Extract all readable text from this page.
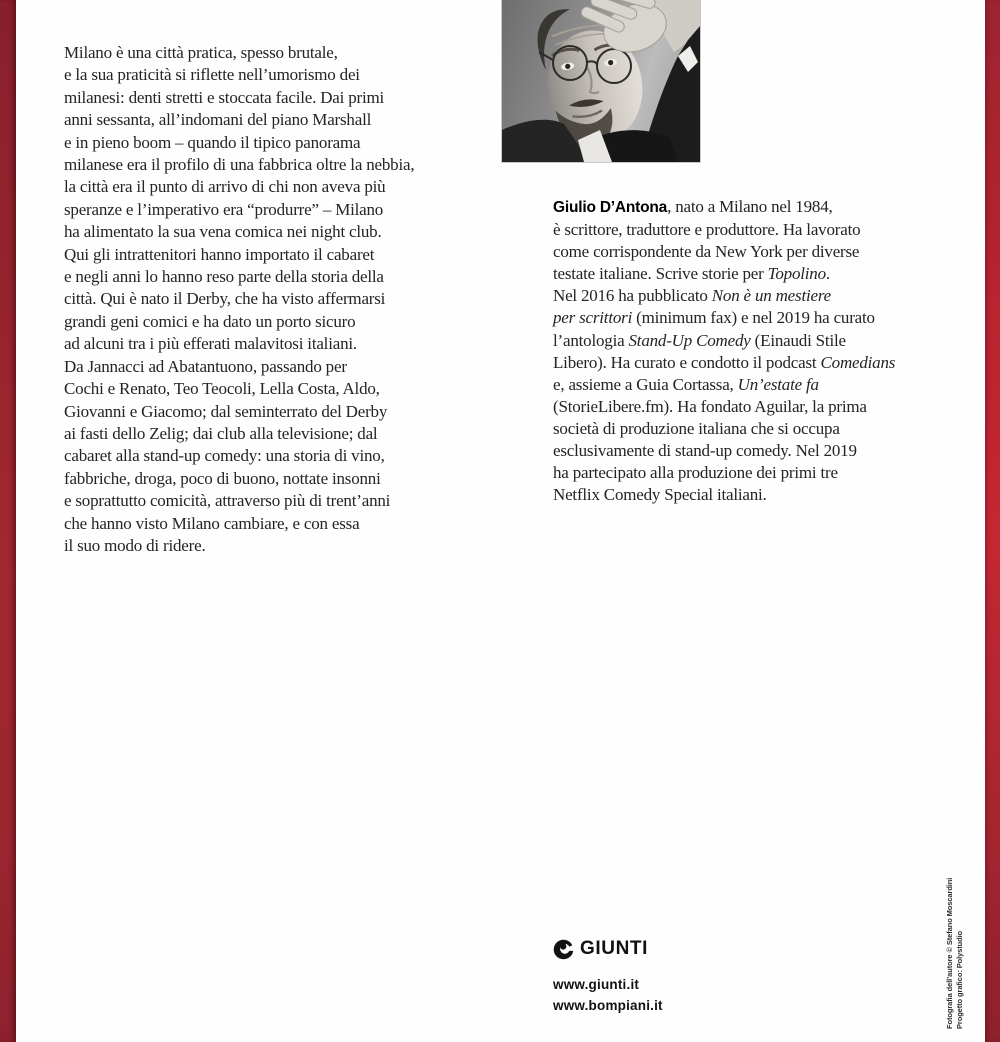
Milano è una città pratica, spesso brutale,
e la sua praticità si riflette nell’umorismo dei
milanesi: denti stretti e stoccata facile. Dai primi
anni sessanta, all’indomani del piano Marshall
e in pieno boom – quando il tipico panorama
milanese era il profilo di una fabbrica oltre la nebbia,
la città era il punto di arrivo di chi non aveva più
speranze e l’imperativo era “produrre” – Milano
ha alimentato la sua vena comica nei night club.
Qui gli intrattenitori hanno importato il cabaret
e negli anni lo hanno reso parte della storia della
città. Qui è nato il Derby, che ha visto affermarsi
grandi geni comici e ha dato un porto sicuro
ad alcuni tra i più efferati malavitosi italiani.
Da Jannacci ad Abatantuono, passando per
Cochi e Renato, Teo Teocoli, Lella Costa, Aldo,
Giovanni e Giacomo; dal seminterrato del Derby
ai fasti dello Zelig; dai club alla televisione; dal
cabaret alla stand-up comedy: una storia di vino,
fabbriche, droga, poco di buono, nottate insonni
e soprattutto comicità, attraverso più di trent’anni
che hanno visto Milano cambiare, e con essa
il suo modo di ridere.
Giulio D’Antona, nato a Milano nel 1984,
è scrittore, traduttore e produttore. Ha lavorato
come corrispondente da New York per diverse
testate italiane. Scrive storie per Topolino.
Nel 2016 ha pubblicato Non è un mestiere
per scrittori (minimum fax) e nel 2019 ha curato
l’antologia Stand-Up Comedy (Einaudi Stile
Libero). Ha curato e condotto il podcast Comedians
e, assieme a Guia Cortassa, Un’estate fa
(StorieLibere.fm). Ha fondato Aguilar, la prima
società di produzione italiana che si occupa
esclusivamente di stand-up comedy. Nel 2019
ha partecipato alla produzione dei primi tre
Netflix Comedy Special italiani.
GIUNTI
www.giunti.it
www.bompiani.it	Fotografia dell’autore © Stefano Moscardini Progetto grafico: Polystudio
